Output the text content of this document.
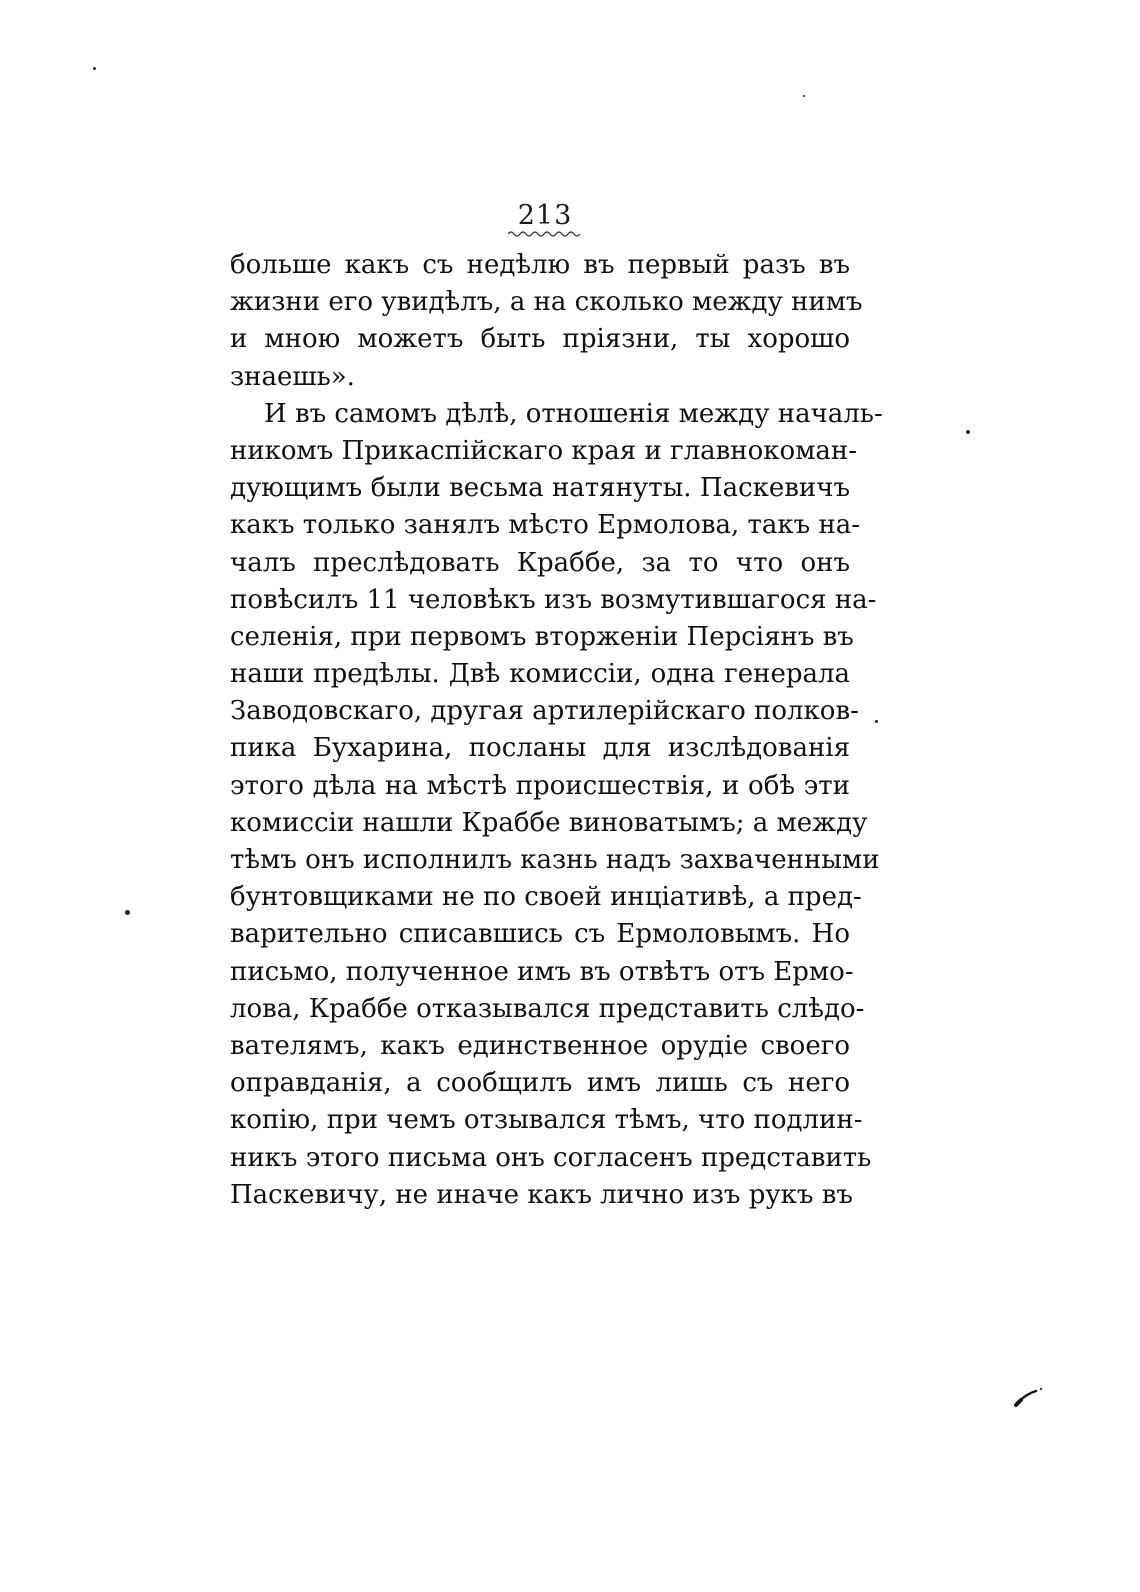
213
больше какъ съ недѣлю въ первый разъ въ
жизни его увидѣлъ, а на сколько между нимъ
и мною можетъ быть пріязни, ты хорошо
знаешь».
И въ самомъ дѣлѣ, отношенія между началь-
никомъ Прикаспійскаго края и главнокоман-
дующимъ были весьма натянуты. Паскевичъ
какъ только занялъ мѣсто Ермолова, такъ на-
чалъ преслѣдовать Краббе, за то что онъ
повѣсилъ 11 человѣкъ изъ возмутившагося на-
селенія, при первомъ вторженіи Персіянъ въ
наши предѣлы. Двѣ комиссіи, одна генерала
Заводовскаго, другая артилерійскаго полков-
пика Бухарина, посланы для изслѣдованія
этого дѣла на мѣстѣ происшествія, и обѣ эти
комиссіи нашли Краббе виноватымъ; а между
тѣмъ онъ исполнилъ казнь надъ захваченными
бунтовщиками не по своей инціативѣ, а пред-
варительно списавшись съ Ермоловымъ. Но
письмо, полученное имъ въ отвѣтъ отъ Ермо-
лова, Краббе отказывался представить слѣдо-
вателямъ, какъ единственное орудіе своего
оправданія, а сообщилъ имъ лишь съ него
копію, при чемъ отзывался тѣмъ, что подлин-
никъ этого письма онъ согласенъ представить
Паскевичу, не иначе какъ лично изъ рукъ въ
